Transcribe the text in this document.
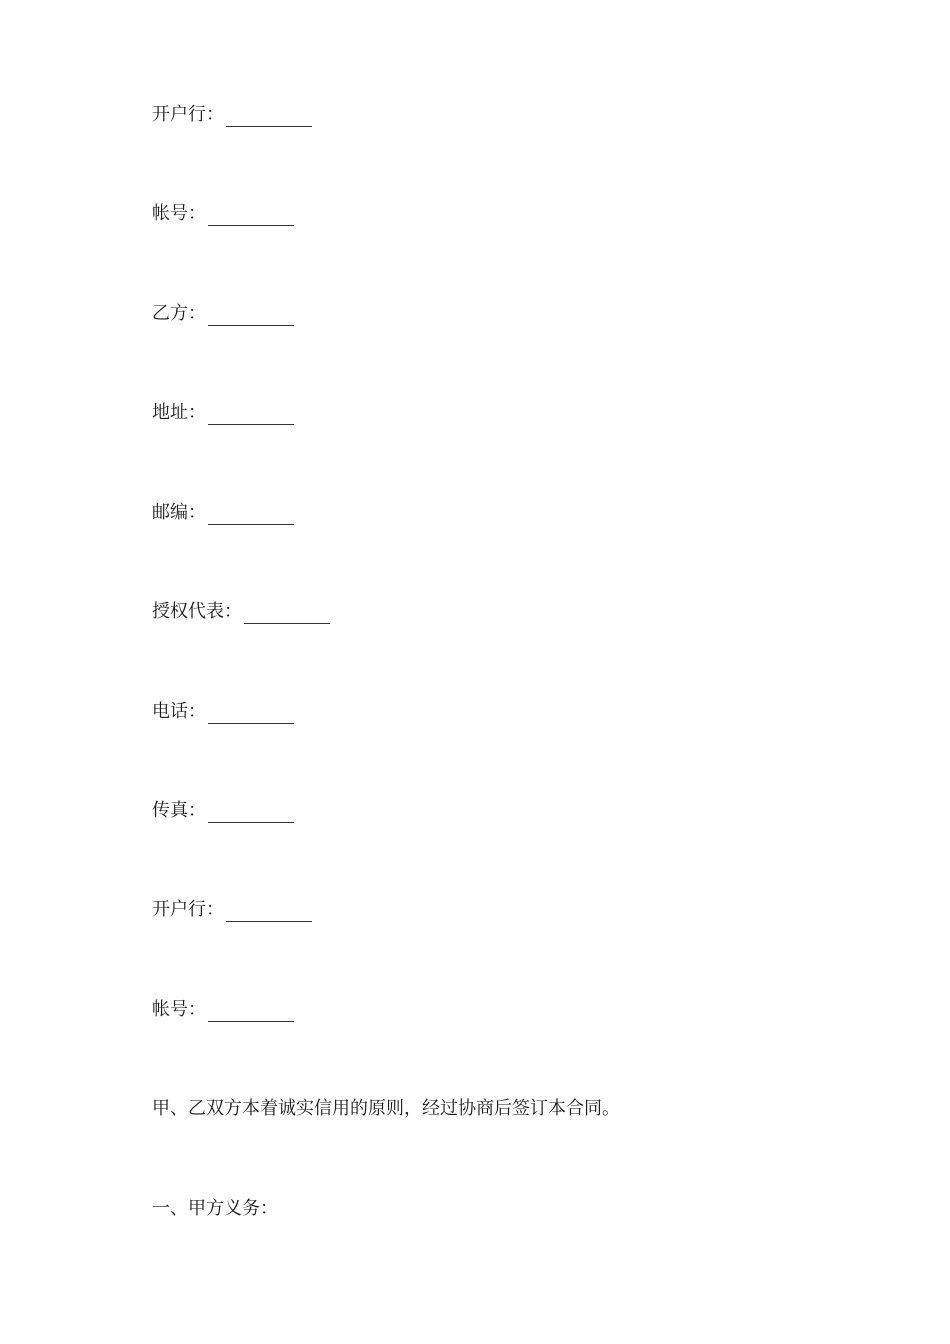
开户行：
帐号：
乙方：
地址：
邮编：
授权代表：
电话：
传真：
开户行：
帐号：
甲、乙双方本着诚实信用的原则，经过协商后签订本合同。
一、甲方义务：
